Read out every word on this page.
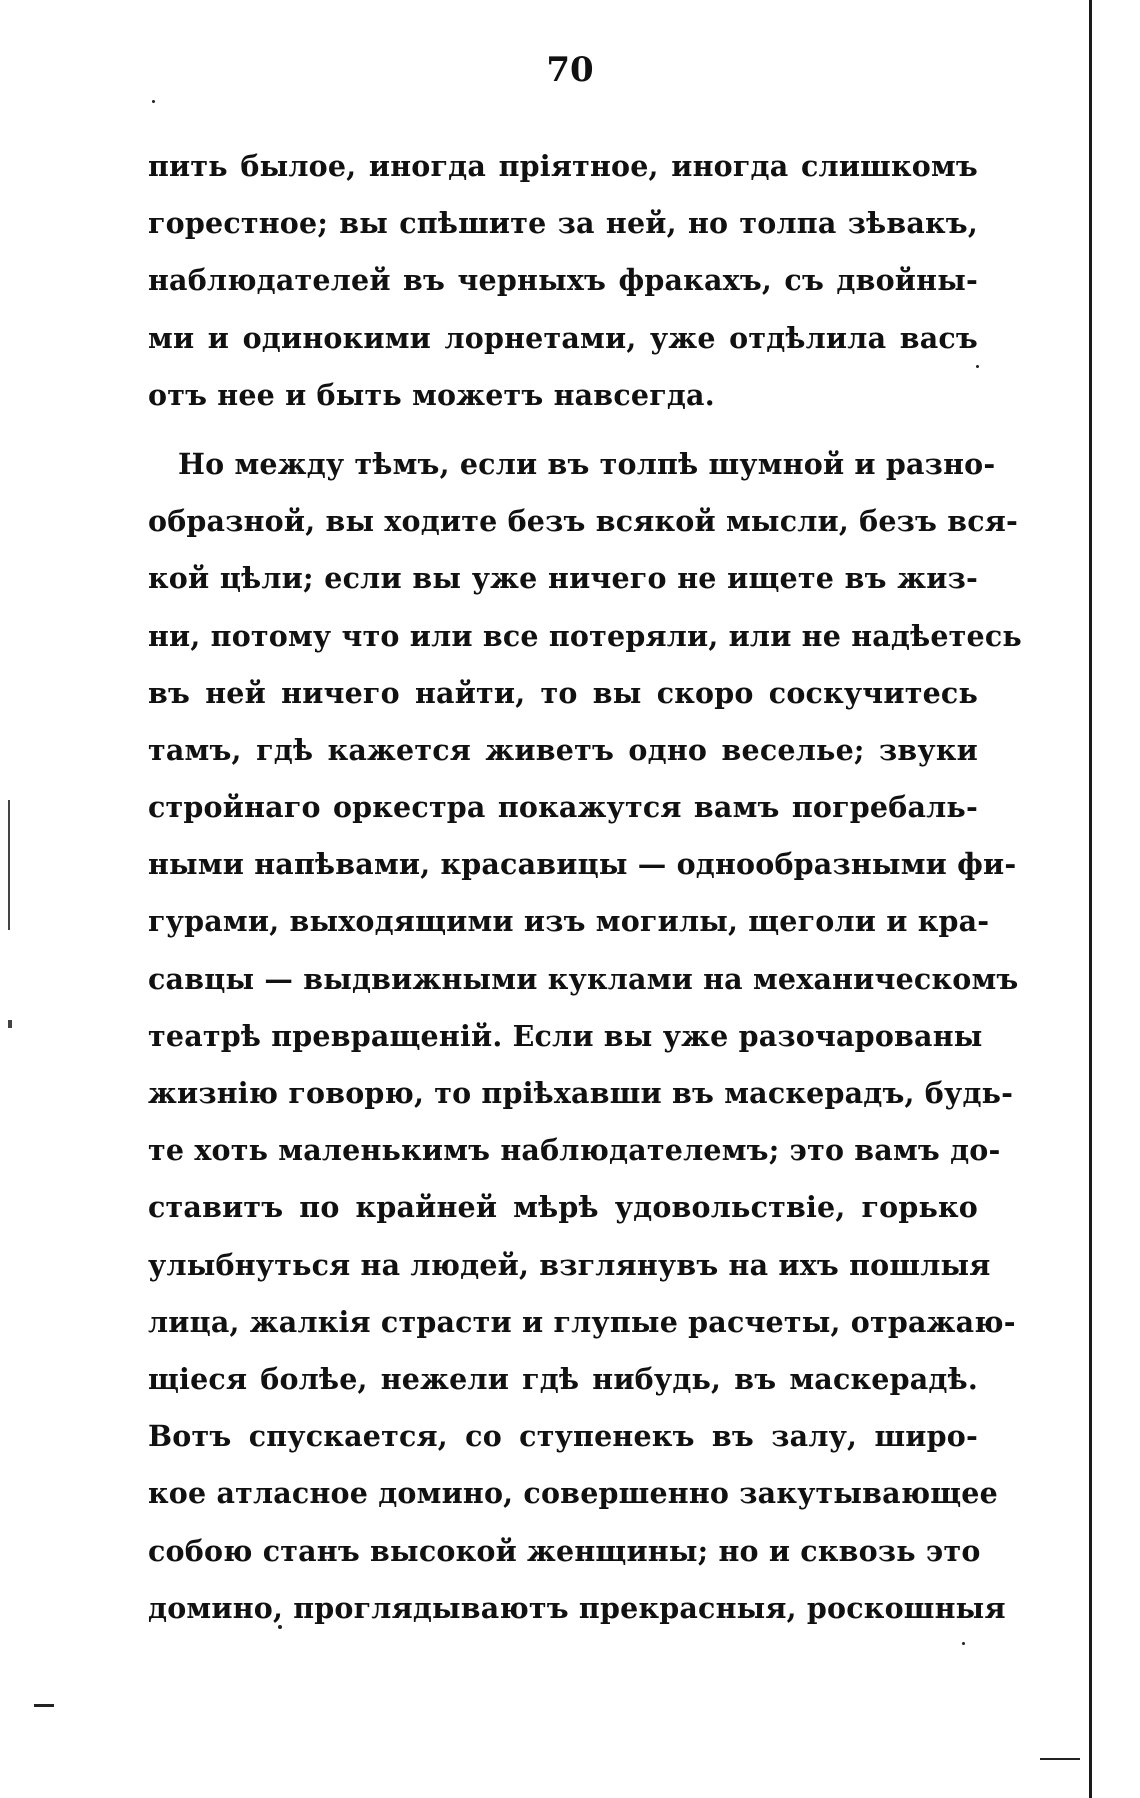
70
пить былое, иногда пріятное, иногда слишкомъ
горестное; вы спѣшите за ней, но толпа зѣвакъ,
наблюдателей въ черныхъ фракахъ, съ двойны-
ми и одинокими лорнетами, уже отдѣлила васъ
отъ нее и быть можетъ навсегда.
Но между тѣмъ, если въ толпѣ шумной и разно-
образной, вы ходите безъ всякой мысли, безъ вся-
кой цѣли; если вы уже ничего не ищете въ жиз-
ни, потому что или все потеряли, или не надѣетесь
въ ней ничего найти, то вы скоро соскучитесь
тамъ, гдѣ кажется живетъ одно веселье; звуки
стройнаго оркестра покажутся вамъ погребаль-
ными напѣвами, красавицы — однообразными фи-
гурами, выходящими изъ могилы, щеголи и кра-
савцы — выдвижными куклами на механическомъ
театрѣ превращеній. Если вы уже разочарованы
жизнію говорю, то пріѣхавши въ маскерадъ, будь-
те хоть маленькимъ наблюдателемъ; это вамъ до-
ставитъ по крайней мѣрѣ удовольствіе, горько
улыбнуться на людей, взглянувъ на ихъ пошлыя
лица, жалкія страсти и глупые расчеты, отражаю-
щіеся болѣе, нежели гдѣ нибудь, въ маскерадѣ.
Вотъ спускается, со ступенекъ въ залу, широ-
кое атласное домино, совершенно закутывающее
собою станъ высокой женщины; но и сквозь это
домино, проглядываютъ прекрасныя, роскошныя
